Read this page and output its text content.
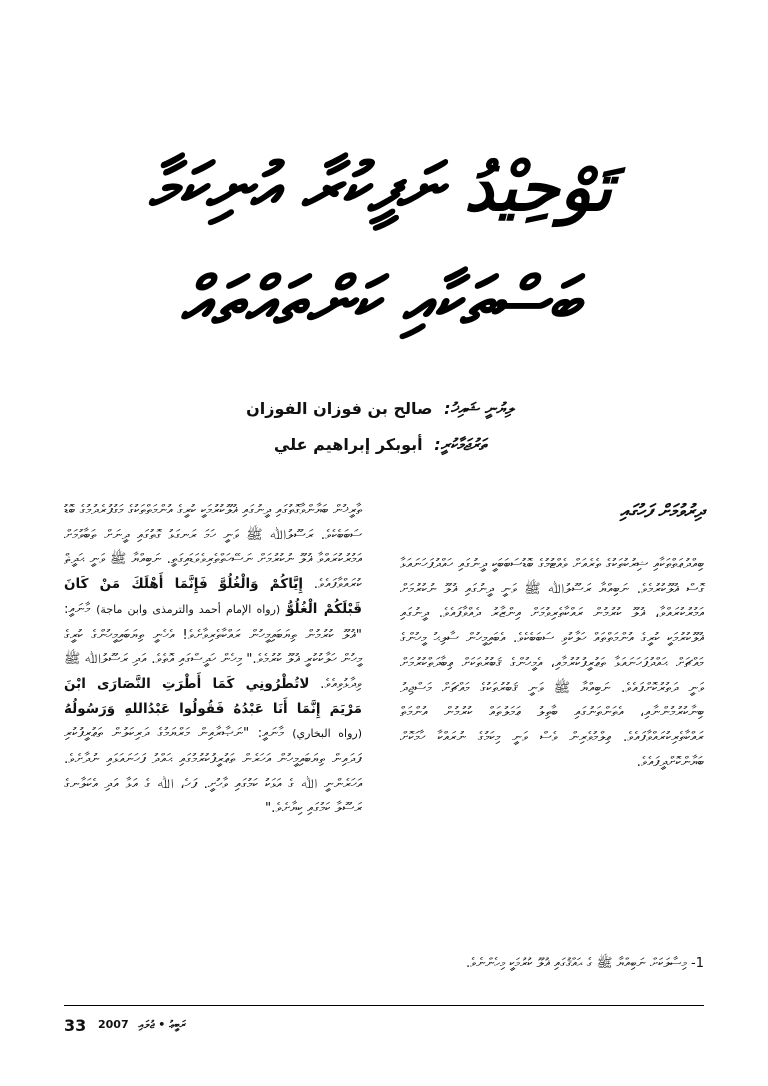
تَوْحِيْدُ ނަފީކުރާ އުނިކަމާ
ބަސްތަކާއި ކަންތައްތައް
ލިޔުނީ ޝައިޚު: صالح بن فوزان الفوزان
ތަރުޖަމާކުރީ: أبوبكر إبراهيم علي

ދިރުވުމަށް ފަހުގައި

ބިއްދުޢަތްތަކާއި ޝިރުކުތަކުގެ ތެރެއަށް ވެއްޓުމުގެ ބޮޑުސަބަބަކީ ދީނުގައި ހައްދުފަހަނައަޅާ ގޮސް ޣުލޫކުރުމެވެ. ނަބިއްޔާ ރަސޫލުﷲ ﷺ ވަނީ ދީނުގައި ޣުލޫ ނުކުރުމަށް އަމުރުކުރައްވާ، ޣުލޫ ކުރުމުން ރައްކާތެރިވުމަށް އިންޒާރު ދެއްވާފައެވެ. ދީނުގައި ޣުލޫކުރުމަކީ ކުރީގެ އުންމަތްތައް ހަލާކުވި ސަބަބެކެވެ. އެބައިމީހުން ސާލިޙު މީހުންގެ މައްޗަށް ޙައްދުފަހަނައަޅާ ތަޢުރީފުކުރުމާއި، އެމީހުންގެ ޤަބުރުތަކަށް ޢިބާދަތްކުރުމަށް ވަނީ ދަތުރުކޮށްފައެވެ. ނަބިއްޔާ ﷺ ވަނީ ޤަބުރުތަކުގެ މައްޗަށް މަސްޖިދު ބިނާކުރުމުންނާއި، އެތަންތަނުގައި ބާތިލު ޢަމަލުތައް ކުރުމުން އުންމަތް ރައްކާތެރިކުރައްވާފައެވެ. ޢިލްމުވެރިން ވެސް ވަނީ މިކަމުގެ ނުރައްކާ ހާމަކޮށް ބަޔާންކޮށްދީފައެވެ.

1- މިސާލަކަށް ނަބިއްޔާ ﷺ ގެ ޙައްޤުގައި ޣުލޫ ކުރުމަކީ މިހެންނެވެ.

ތާރީޚުން ބަޔާންވާގޮތުގައި ދީނުގައި ޣުލޫކުރުމަކީ ކުރީގެ އުންމަތްތަކުގެ މަގުފުރެދުމުގެ ބޮޑު ސަބަބެކެވެ. ރަސޫލުﷲ ﷺ ވަނީ ހަމަ ރަނގަޅު ގޮތުގައި ދީނަށް ތަބާވުމަށް އަމުރުކުރައްވާ ޣުލޫ ނުކުރުމަށް ނަސޭހަތްތެރިވެވަޑައިގަތީ. ނަބިއްޔާ ﷺ ވަނީ ޙަދީޘް ކުރައްވާފައެވެ. إِيَّاكُمْ وَالْغُلُوَّ فَإِنَّمَا أَهْلَكَ مَنْ كَانَ قَبْلَكُمْ الْغُلُوُّ (رواه الإمام أحمد والترمذى وابن ماجة) މާނައީ: "ޣުލޫ ކުރުމުން ތިޔަބައިމީހުން ރައްކާތެރިވާށެވެ! އެހެނީ ތިޔަބައިމީހުންގެ ކުރީގެ މީހުން ހަލާކުކުރީ ޣުލޫ ކުރުމެވެ." މިހެން ހަދީސްގައި އޮތެވެ. އަދި ރަސޫލުﷲ ﷺ ވިދާޅުވިއެވެ. لاتُطْرُونِي كَمَا أَطْرَتِ النَّصَارَى ابْنَ مَرْيَمَ إِنَّمَا أَنَا عَبْدُهُ فَقُولُوا عَبْدُاللهِ وَرَسُولُهُ (رواه البخاري) މާނައީ: "ނަޞާރާއިން މަރްޔަމުގެ ދަރިކަލުން ތަޢުރީފުކުރި ފަދައިން ތިޔަބައިމީހުން އަހަރެން ތަޢުރީފުކުރުމުގައި ޙައްދު ފަހަނައަޅައި ނުދާށެވެ. އަހަރެންނީ ﷲ ގެ އަޅަކު ކަމުގައި ވާހުށީ. ފަހެ، ﷲ ގެ އަޅާ އަދި އެކަލާނގެ ރަސޫލާ ކަމުގައި ކިޔާށެވެ."

33 2007 ރަބީޢު • ޖުލައި
